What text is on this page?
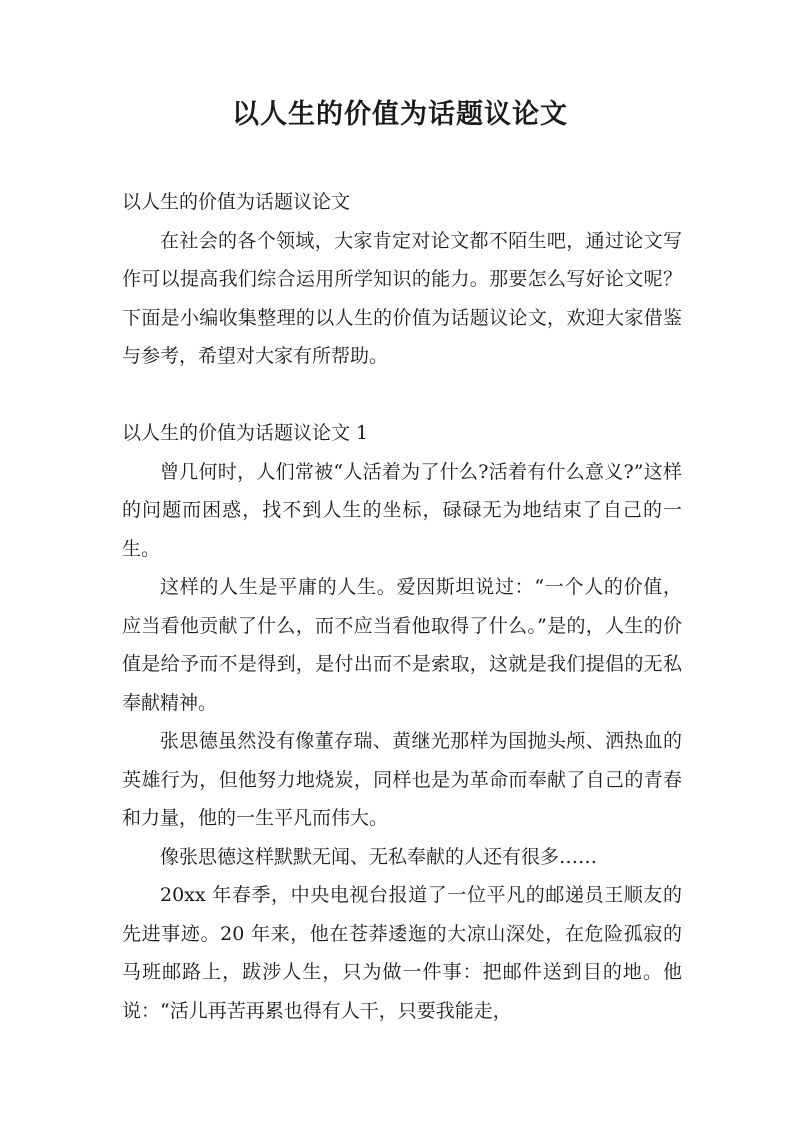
以人生的价值为话题议论文

以人生的价值为话题议论文

在社会的各个领域，大家肯定对论文都不陌生吧，通过论文写作可以提高我们综合运用所学知识的能力。那要怎么写好论文呢？下面是小编收集整理的以人生的价值为话题议论文，欢迎大家借鉴与参考，希望对大家有所帮助。

以人生的价值为话题议论文 1

曾几何时，人们常被“人活着为了什么?活着有什么意义?”这样的问题而困惑，找不到人生的坐标，碌碌无为地结束了自己的一生。

这样的人生是平庸的人生。爱因斯坦说过：“一个人的价值，应当看他贡献了什么，而不应当看他取得了什么。”是的，人生的价值是给予而不是得到，是付出而不是索取，这就是我们提倡的无私奉献精神。

张思德虽然没有像董存瑞、黄继光那样为国抛头颅、洒热血的英雄行为，但他努力地烧炭，同样也是为革命而奉献了自己的青春和力量，他的一生平凡而伟大。

像张思德这样默默无闻、无私奉献的人还有很多……

20xx 年春季，中央电视台报道了一位平凡的邮递员王顺友的先进事迹。20 年来，他在苍莽逶迤的大凉山深处，在危险孤寂的马班邮路上，跋涉人生，只为做一件事：把邮件送到目的地。他说：“活儿再苦再累也得有人干，只要我能走，
